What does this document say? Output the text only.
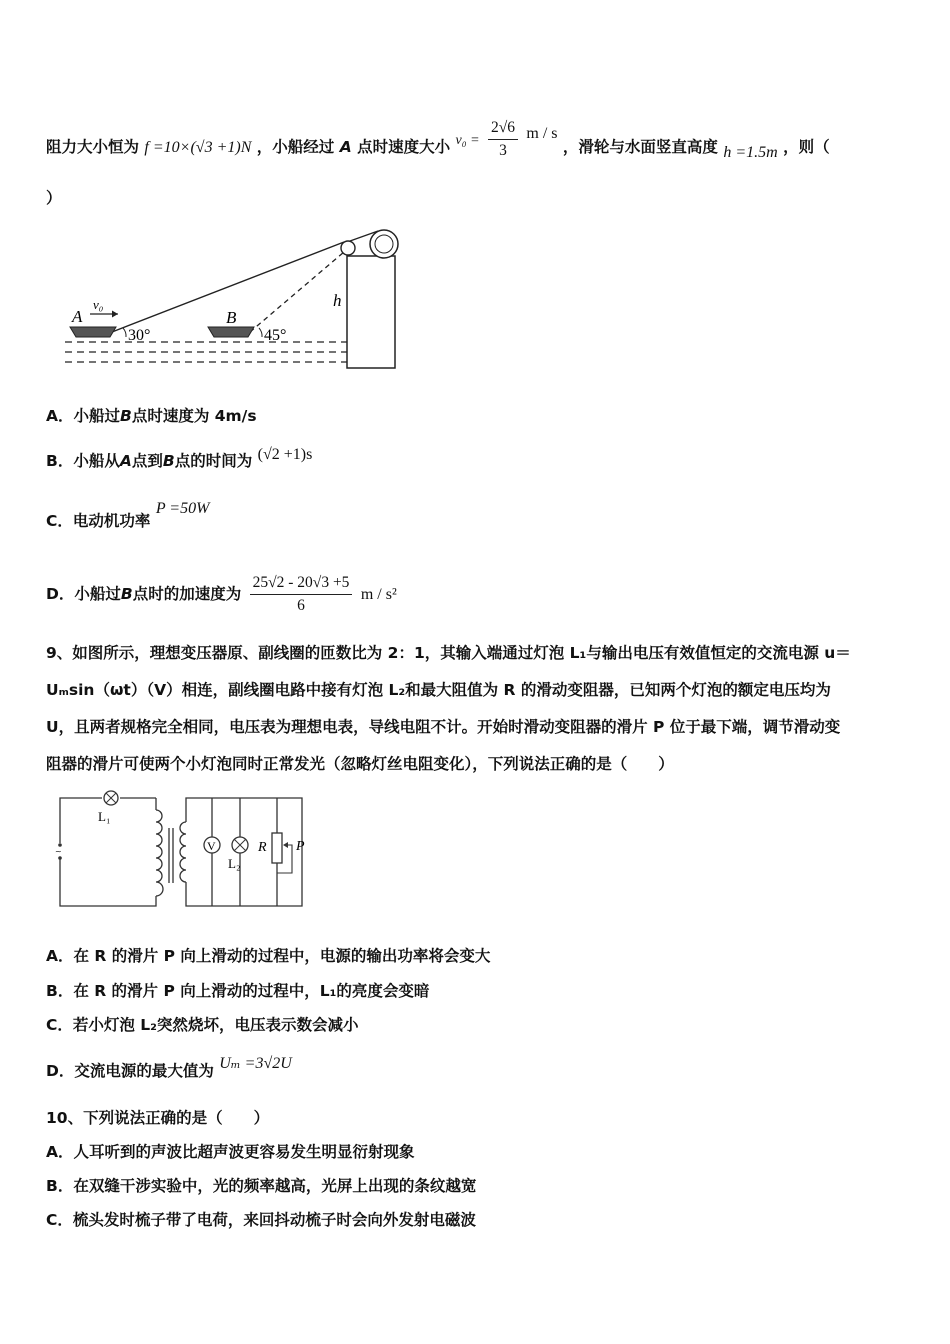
阻力大小恒为 f =10×(√3 +1)N ，小船经过 A 点时速度大小 $v_0 = \frac{2√6}{3}$ m / s ，滑轮与水面竖直高度 h =1.5m ，则（
）
A
v₀
B
30°	45°
h
A．小船过B点时速度为 4m/s
B．小船从A点到B点的时间为 (√2 +1)s
C．电动机功率 P =50W
D．小船过B点时的加速度为 $\frac{25√2 - 20√3 +5}{6}$ m / s²
9、如图所示，理想变压器原、副线圈的匝数比为 2：1，其输入端通过灯泡 L₁与输出电压有效值恒定的交流电源 u＝
Uₘsin（ωt）（V）相连，副线圈电路中接有灯泡 L₂和最大阻值为 R 的滑动变阻器，已知两个灯泡的额定电压均为
U，且两者规格完全相同，电压表为理想电表，导线电阻不计。开始时滑动变阻器的滑片 P 位于最下端，调节滑动变
阻器的滑片可使两个小灯泡同时正常发光（忽略灯丝电阻变化），下列说法正确的是（　　）
L₁
~	V
L₂
R P
A．在 R 的滑片 P 向上滑动的过程中，电源的输出功率将会变大
B．在 R 的滑片 P 向上滑动的过程中，L₁的亮度会变暗
C．若小灯泡 L₂突然烧坏，电压表示数会减小
D．交流电源的最大值为 Uₘ =3√2U
10、下列说法正确的是（　　）
A．人耳听到的声波比超声波更容易发生明显衍射现象
B．在双缝干涉实验中，光的频率越高，光屏上出现的条纹越宽
C．梳头发时梳子带了电荷，来回抖动梳子时会向外发射电磁波
